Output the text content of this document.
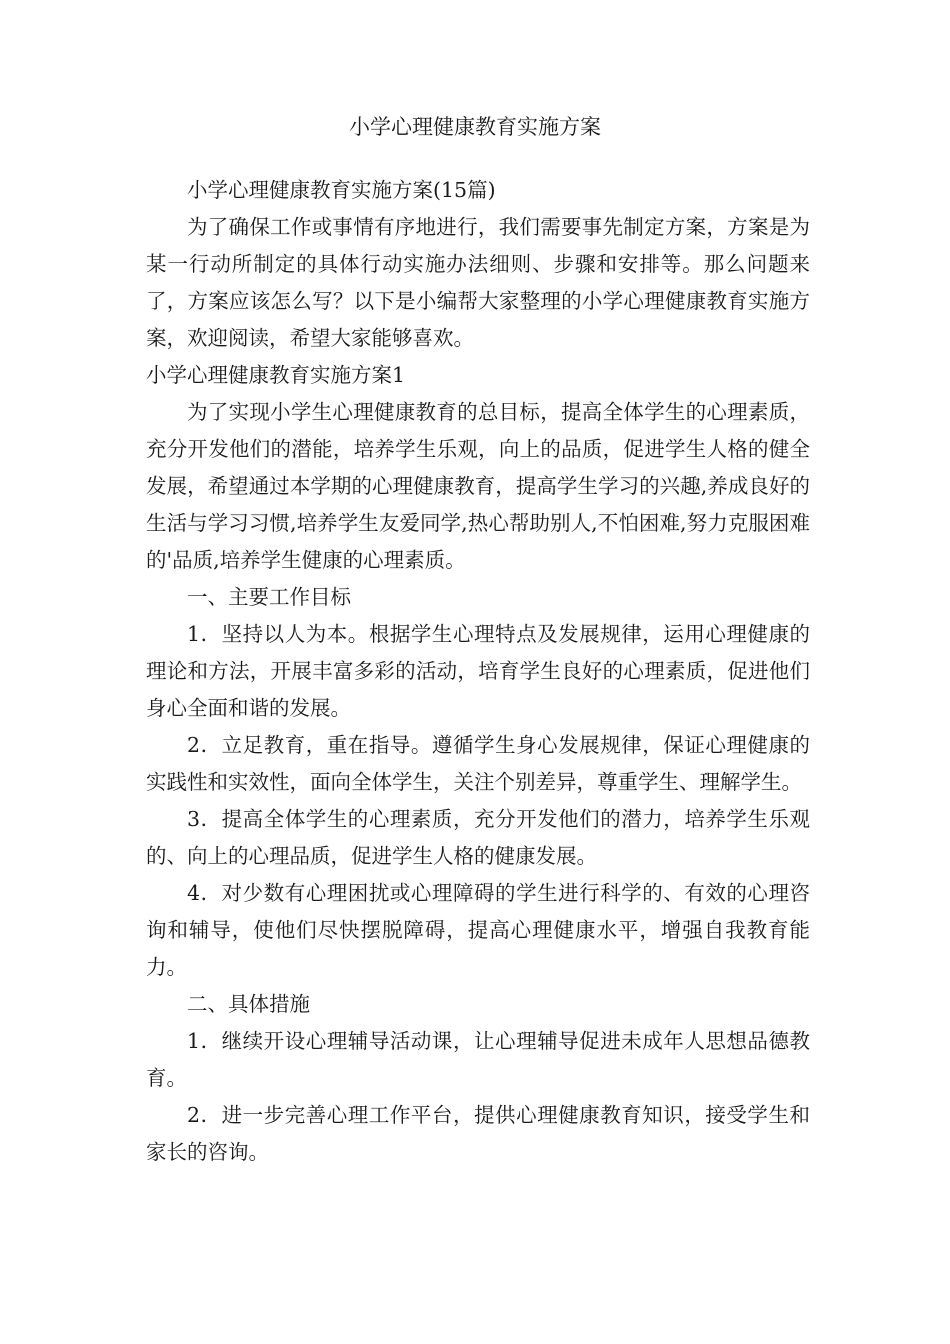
小学心理健康教育实施方案

小学心理健康教育实施方案(15篇)

为了确保工作或事情有序地进行，我们需要事先制定方案，方案是为某一行动所制定的具体行动实施办法细则、步骤和安排等。那么问题来了，方案应该怎么写？以下是小编帮大家整理的小学心理健康教育实施方案，欢迎阅读，希望大家能够喜欢。

小学心理健康教育实施方案1

为了实现小学生心理健康教育的总目标，提高全体学生的心理素质，充分开发他们的潜能，培养学生乐观，向上的品质，促进学生人格的健全发展，希望通过本学期的心理健康教育，提高学生学习的兴趣,养成良好的生活与学习习惯,培养学生友爱同学,热心帮助别人,不怕困难,努力克服困难的'品质,培养学生健康的心理素质。

一、主要工作目标

1．坚持以人为本。根据学生心理特点及发展规律，运用心理健康的理论和方法，开展丰富多彩的活动，培育学生良好的心理素质，促进他们身心全面和谐的发展。

2．立足教育，重在指导。遵循学生身心发展规律，保证心理健康的实践性和实效性，面向全体学生，关注个别差异，尊重学生、理解学生。

3．提高全体学生的心理素质，充分开发他们的潜力，培养学生乐观的、向上的心理品质，促进学生人格的健康发展。

4．对少数有心理困扰或心理障碍的学生进行科学的、有效的心理咨询和辅导，使他们尽快摆脱障碍，提高心理健康水平，增强自我教育能力。

二、具体措施

1．继续开设心理辅导活动课，让心理辅导促进未成年人思想品德教育。

2．进一步完善心理工作平台，提供心理健康教育知识，接受学生和家长的咨询。
